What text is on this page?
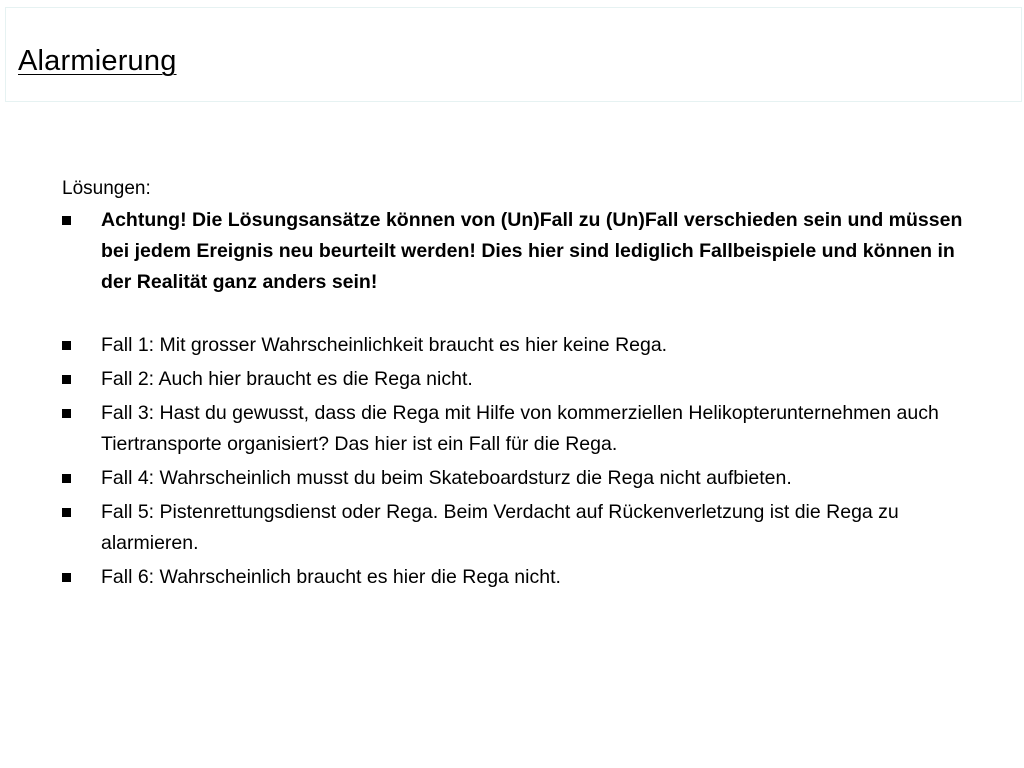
Alarmierung

Lösungen:

Achtung! Die Lösungsansätze können von (Un)Fall zu (Un)Fall verschieden sein und müssen bei jedem Ereignis neu beurteilt werden! Dies hier sind lediglich Fallbeispiele und können in der Realität ganz anders sein!
Fall 1: Mit grosser Wahrscheinlichkeit braucht es hier keine Rega.
Fall 2: Auch hier braucht es die Rega nicht.
Fall 3: Hast du gewusst, dass die Rega mit Hilfe von kommerziellen Helikopterunternehmen auch Tiertransporte organisiert? Das hier ist ein Fall für die Rega.
Fall 4: Wahrscheinlich musst du beim Skateboardsturz die Rega nicht aufbieten.
Fall 5: Pistenrettungsdienst oder Rega. Beim Verdacht auf Rückenverletzung ist die Rega zu alarmieren.
Fall 6: Wahrscheinlich braucht es hier die Rega nicht.
